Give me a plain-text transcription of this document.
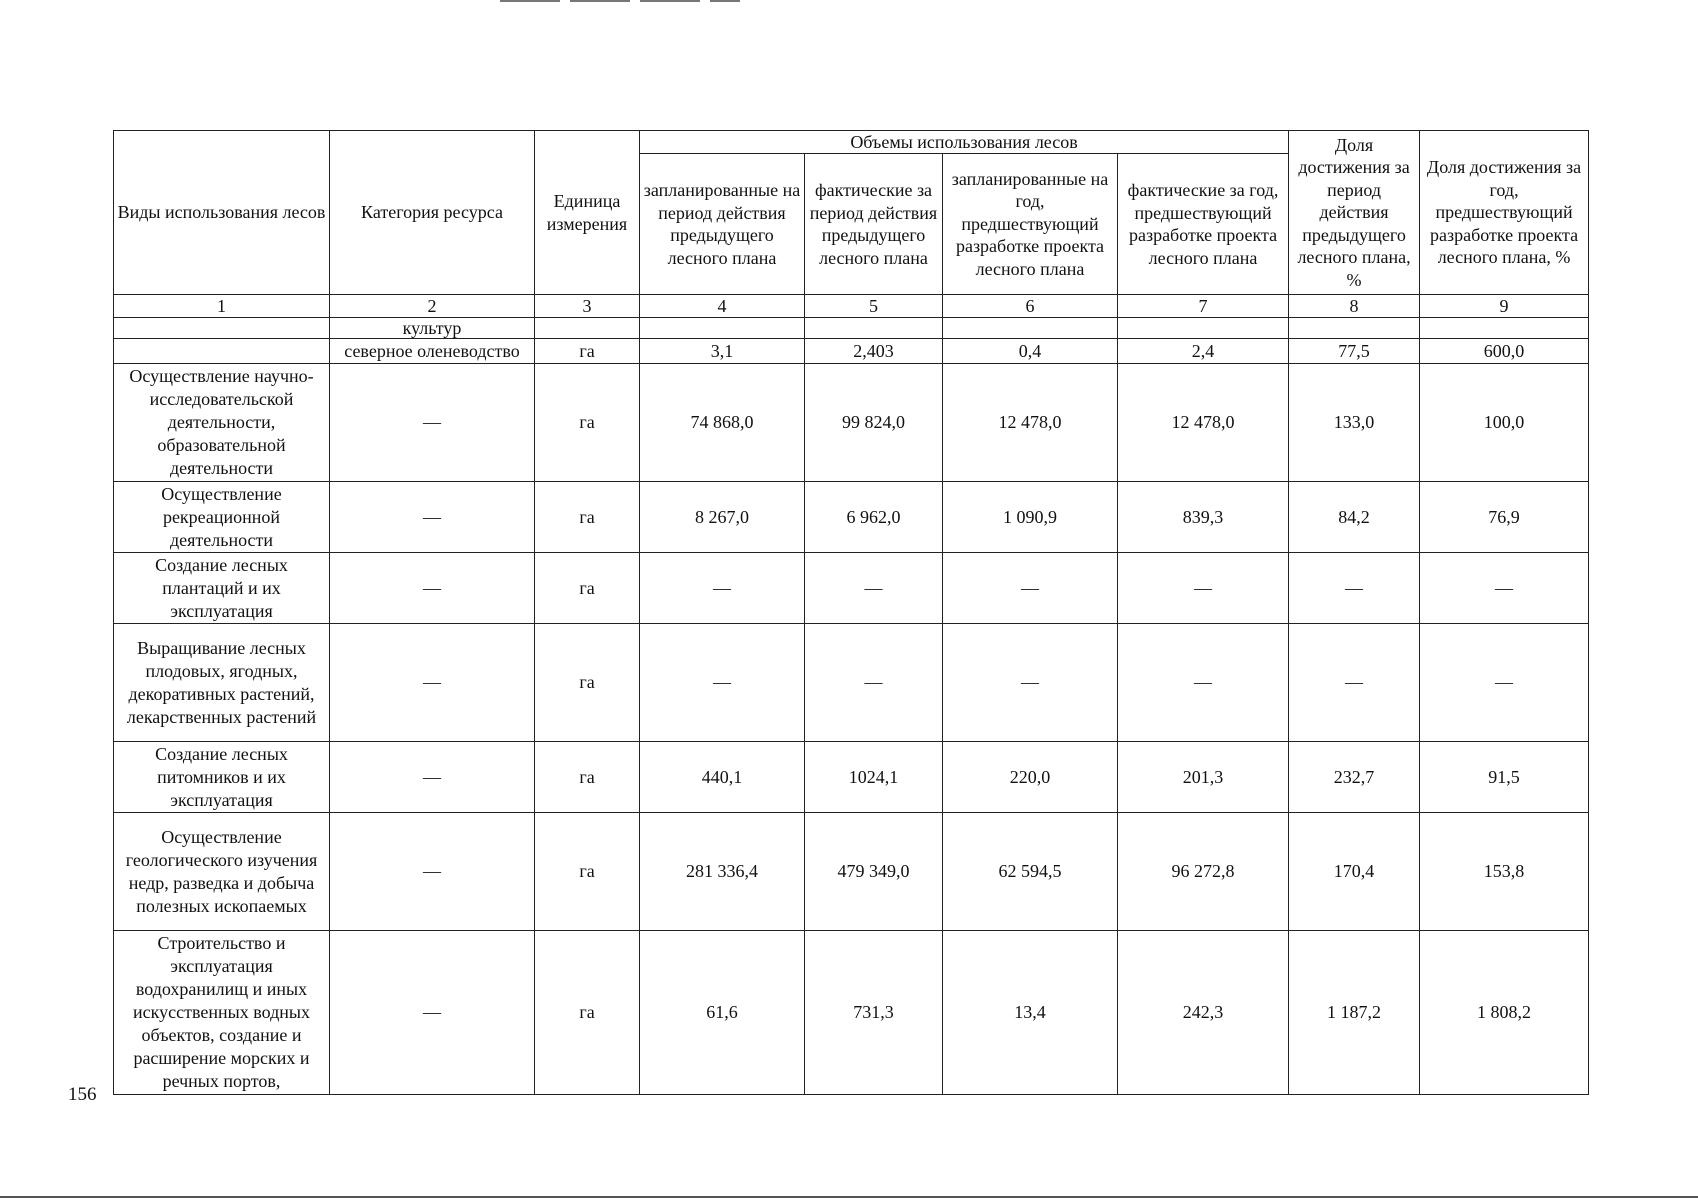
Виды использования лесов	Категория ресурса	Единица измерения	Объемы использования лесов				Доля достижения за период действия предыдущего лесного плана, %	Доля достижения за год, предшествующий разработке проекта лесного плана, %
			запланированные на период действия предыдущего лесного плана	фактические за период действия предыдущего лесного плана	запланированные на год, предшествующий разработке проекта лесного плана	фактические за год, предшествующий разработке проекта лесного плана		
1	2	3	4	5	6	7	8	9
	культур							
	северное оленеводство	га	3,1	2,403	0,4	2,4	77,5	600,0
Осуществление научно-исследовательской деятельности, образовательной деятельности	—	га	74 868,0	99 824,0	12 478,0	12 478,0	133,0	100,0
Осуществление рекреационной деятельности	—	га	8 267,0	6 962,0	1 090,9	839,3	84,2	76,9
Создание лесных плантаций и их эксплуатация	—	га	—	—	—	—	—	—
Выращивание лесных плодовых, ягодных, декоративных растений, лекарственных растений	—	га	—	—	—	—	—	—
Создание лесных питомников и их эксплуатация	—	га	440,1	1024,1	220,0	201,3	232,7	91,5
Осуществление геологического изучения недр, разведка и добыча полезных ископаемых	—	га	281 336,4	479 349,0	62 594,5	96 272,8	170,4	153,8
Строительство и эксплуатация водохранилищ и иных искусственных водных объектов, создание и расширение морских и речных портов,	—	га	61,6	731,3	13,4	242,3	1 187,2	1 808,2
156
